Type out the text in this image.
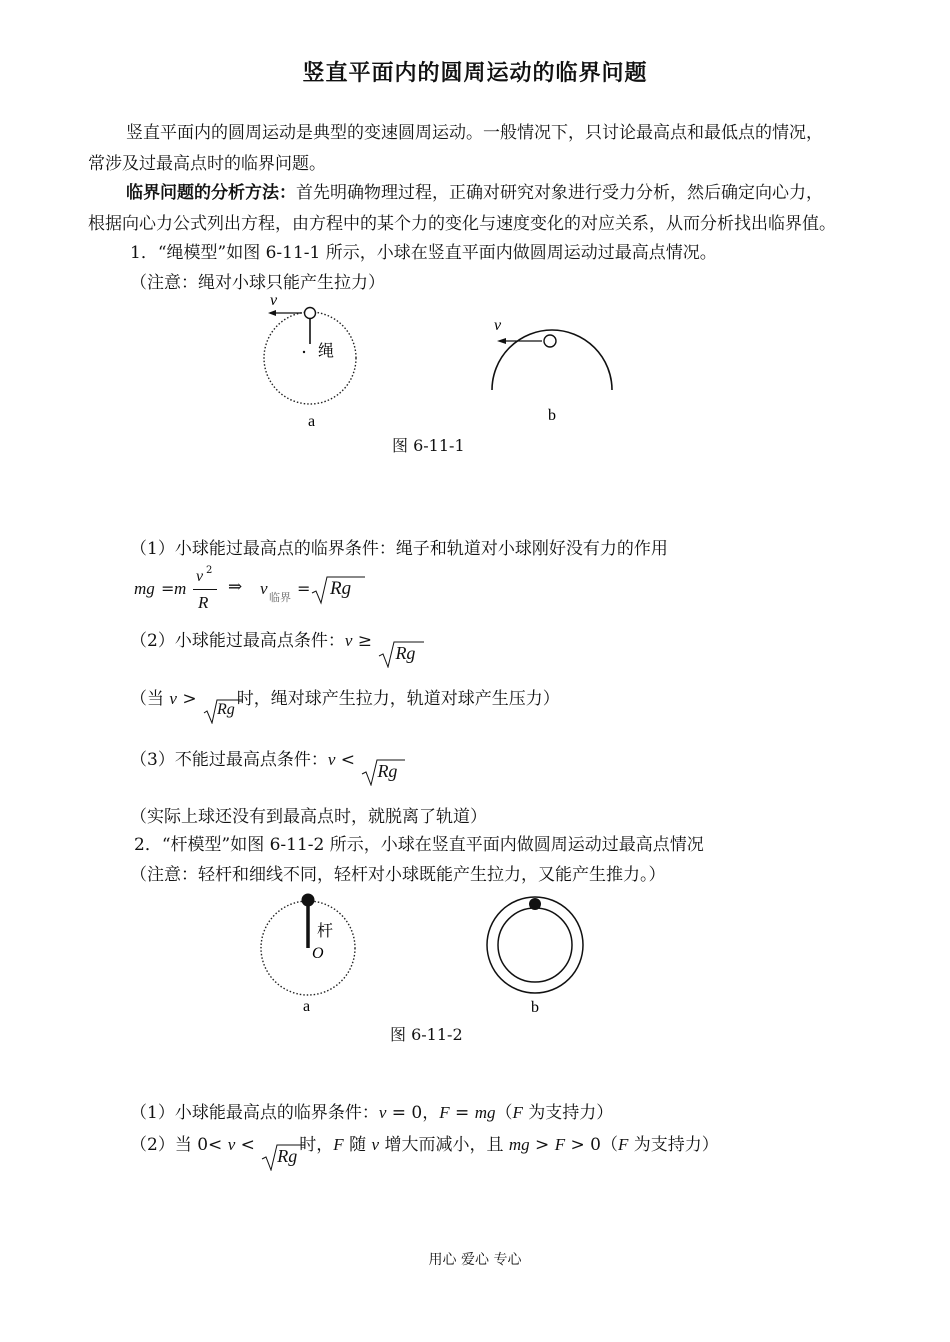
竖直平面内的圆周运动的临界问题
竖直平面内的圆周运动是典型的变速圆周运动。一般情况下，只讨论最高点和最低点的情况，
常涉及过最高点时的临界问题。
临界问题的分析方法：首先明确物理过程，正确对研究对象进行受力分析，然后确定向心力，
根据向心力公式列出方程，由方程中的某个力的变化与速度变化的对应关系，从而分析找出临界值。
1．“绳模型”如图 6-11-1 所示，小球在竖直平面内做圆周运动过最高点情况。
（注意：绳对小球只能产生拉力）
v
绳
a
v
b
图 6-11-1
（1）小球能过最高点的临界条件：绳子和轨道对小球刚好没有力的作用
mg = m
v 2
R
⇒ v 临界 = Rg
（2）小球能过最高点条件：v ≥
Rg
（当 v >
Rg时，绳对球产生拉力，轨道对球产生压力）
（3）不能过最高点条件：v <
Rg
（实际上球还没有到最高点时，就脱离了轨道）
2．“杆模型”如图 6-11-2 所示，小球在竖直平面内做圆周运动过最高点情况
（注意：轻杆和细线不同，轻杆对小球既能产生拉力，又能产生推力。）
杆
O
a	b
图 6-11-2
（1）小球能最高点的临界条件：v = 0，F = mg（F 为支持力）
（2）当 0< v <
Rg时，F 随 v 增大而减小，且 mg > F > 0（F 为支持力）
用心 爱心 专心
